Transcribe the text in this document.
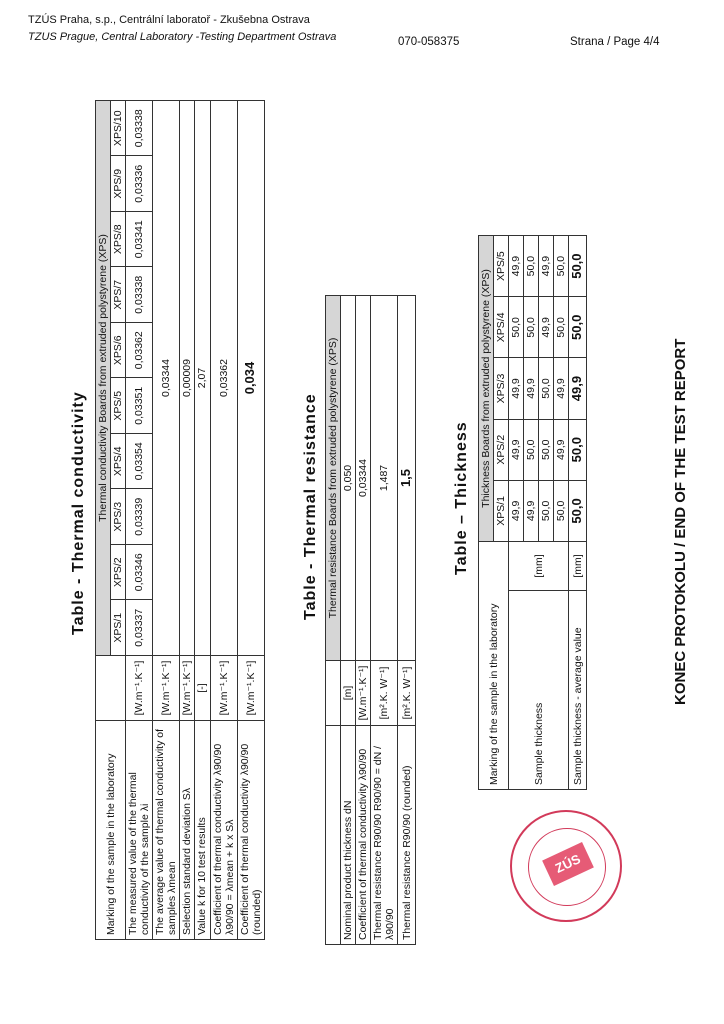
TZÚS Praha, s.p., Centrální laboratoř - Zkušebna Ostrava
TZUS Prague, Central Laboratory -Testing Department Ostrava	070-058375	Strana / Page 4/4
Table - Thermal conductivity
Marking of the sample in the laboratory		Thermal conductivity Boards from extruded polystyrene (XPS)									
		XPS/1	XPS/2	XPS/3	XPS/4	XPS/5	XPS/6	XPS/7	XPS/8	XPS/9	XPS/10
The measured value of the thermal conductivity of the sample λi	[W.m⁻¹.K⁻¹]	0,03337	0,03346	0,03339	0,03354	0,03351	0,03362	0,03338	0,03341	0,03336	0,03338
The average value of thermal conductivity of samples λmean	[W.m⁻¹.K⁻¹]	0,03344									
Selection standard deviation Sλ	[W.m⁻¹.K⁻¹]	0,00009									
Value k for 10 test results	[-]	2,07									
Coefficient of thermal conductivity λ90/90 λ90/90 = λmean + k x Sλ	[W.m⁻¹.K⁻¹]	0,03362									
Coefficient of thermal conductivity λ90/90 (rounded)	[W.m⁻¹.K⁻¹]	0,034									
Table - Thermal resistance
		Thermal resistance Boards from extruded polystyrene (XPS)
Nominal product thickness dN	[m]	0,050
Coefficient of thermal conductivity λ90/90	[W.m⁻¹.K⁻¹]	0,03344
Thermal resistance R90/90 R90/90 = dN / λ90/90	[m².K. W⁻¹]	1,487
Thermal resistance R90/90 (rounded)	[m².K. W⁻¹]	1,5 Table – Thickness
Marking of the sample in the laboratory		Thickness Boards from extruded polystyrene (XPS)				
		XPS/1	XPS/2	XPS/3	XPS/4	XPS/5
Sample thickness	[mm]	49,9	49,9	49,9	50,0	49,9
		49,9	50,0	49,9	50,0	50,0
		50,0	50,0	50,0	49,9	49,9
		50,0	49,9	49,9	50,0	50,0
Sample thickness - average value	[mm]	50,0	50,0	49,9	50,0	50,0
KONEC PROTOKOLU / END OF THE TEST REPORT
ZÚS
